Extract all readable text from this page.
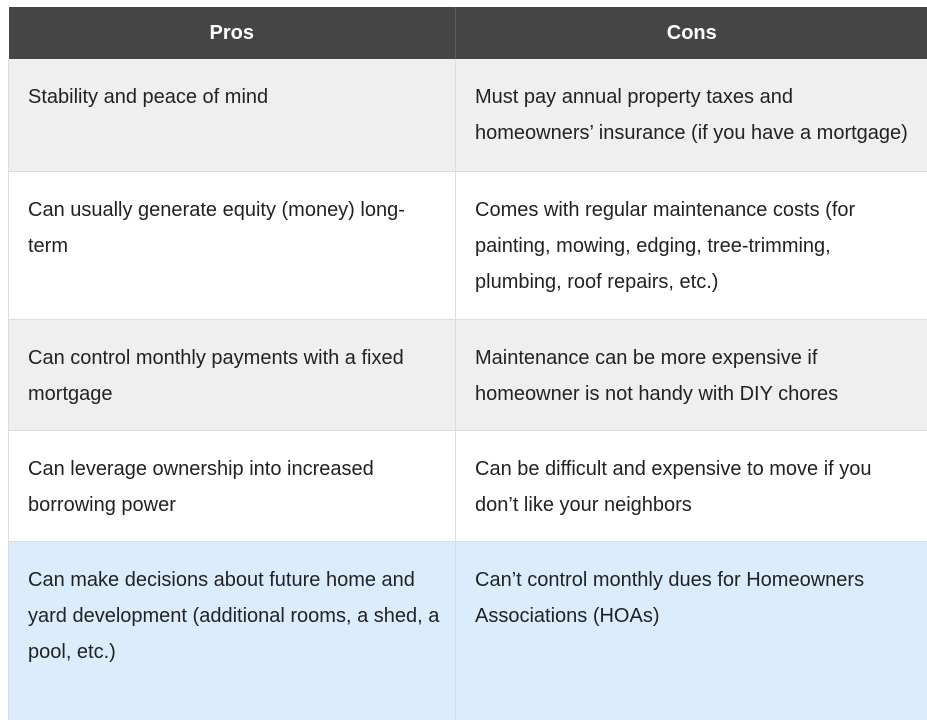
Pros	Cons
Stability and peace of mind	Must pay annual property taxes and homeowners’ insurance (if you have a mortgage)
Can usually generate equity (money) long-term	Comes with regular maintenance costs (for painting, mowing, edging, tree-trimming, plumbing, roof repairs, etc.)
Can control monthly payments with a fixed mortgage	Maintenance can be more expensive if homeowner is not handy with DIY chores
Can leverage ownership into increased borrowing power	Can be difficult and expensive to move if you don’t like your neighbors
Can make decisions about future home and yard development (additional rooms, a shed, a pool, etc.)	Can’t control monthly dues for Homeowners Associations (HOAs)
